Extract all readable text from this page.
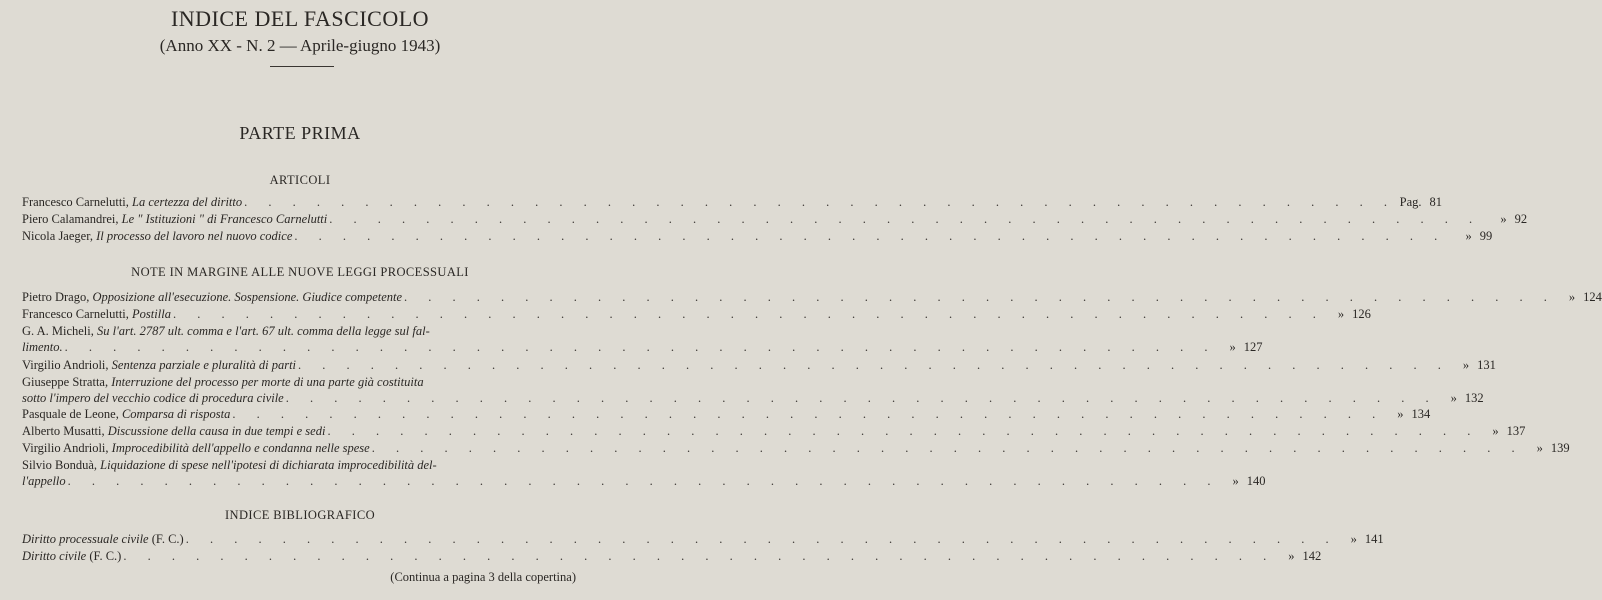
INDICE DEL FASCICOLO
(Anno XX - N. 2 — Aprile-giugno 1943)
PARTE PRIMA
ARTICOLI
Francesco Carnelutti, La certezza del diritto . . . . . . . . . . . . . . . . . . . . . . . . . . . . . . . . . . . . . . . . . . . . . . . . Pag. 81
Piero Calamandrei, Le " Istituzioni " di Francesco Carnelutti . . . . . . . . . . . . . . . . . . . . . . . . . . . . . . . . . . . . . . . . . . . . . . . .	» 92
Nicola Jaeger, Il processo del lavoro nel nuovo codice . . . . . . . . . . . . . . . . . . . . . . . . . . . . . . . . . . . . . . . . . . . . . . . .	» 99
NOTE IN MARGINE ALLE NUOVE LEGGI PROCESSUALI
Pietro Drago, Opposizione all'esecuzione. Sospensione. Giudice competente . . . . . . . . . . . . . . . . . . . . . . . . . . . . . . . . . . . . . . . . . . . . . . . .	» 124
Francesco Carnelutti, Postilla . . . . . . . . . . . . . . . . . . . . . . . . . . . . . . . . . . . . . . . . . . . . . . . .	» 126
G. A. Micheli, Su l'art. 2787 ult. comma e l'art. 67 ult. comma della legge sul fal-
limento. . . . . . . . . . . . . . . . . . . . . . . . . . . . . . . . . . . . . . . . . . . . . . . . .	» 127
Virgilio Andrioli, Sentenza parziale e pluralità di parti . . . . . . . . . . . . . . . . . . . . . . . . . . . . . . . . . . . . . . . . . . . . . . . .	» 131
Giuseppe Stratta, Interruzione del processo per morte di una parte già costituita
sotto l'impero del vecchio codice di procedura civile . . . . . . . . . . . . . . . . . . . . . . . . . . . . . . . . . . . . . . . . . . . . . . . .	» 132
Pasquale de Leone, Comparsa di risposta . . . . . . . . . . . . . . . . . . . . . . . . . . . . . . . . . . . . . . . . . . . . . . . .	» 134
Alberto Musatti, Discussione della causa in due tempi e sedi . . . . . . . . . . . . . . . . . . . . . . . . . . . . . . . . . . . . . . . . . . . . . . . .	» 137
Virgilio Andrioli, Improcedibilità dell'appello e condanna nelle spese . . . . . . . . . . . . . . . . . . . . . . . . . . . . . . . . . . . . . . . . . . . . . . . .	» 139
Silvio Bonduà, Liquidazione di spese nell'ipotesi di dichiarata improcedibilità del-
l'appello . . . . . . . . . . . . . . . . . . . . . . . . . . . . . . . . . . . . . . . . . . . . . . . .	» 140
INDICE BIBLIOGRAFICO
Diritto processuale civile (F. C.) . . . . . . . . . . . . . . . . . . . . . . . . . . . . . . . . . . . . . . . . . . . . . . . .	» 141
Diritto civile (F. C.) . . . . . . . . . . . . . . . . . . . . . . . . . . . . . . . . . . . . . . . . . . . . . . . .	» 142
(Continua a pagina 3 della copertina)
